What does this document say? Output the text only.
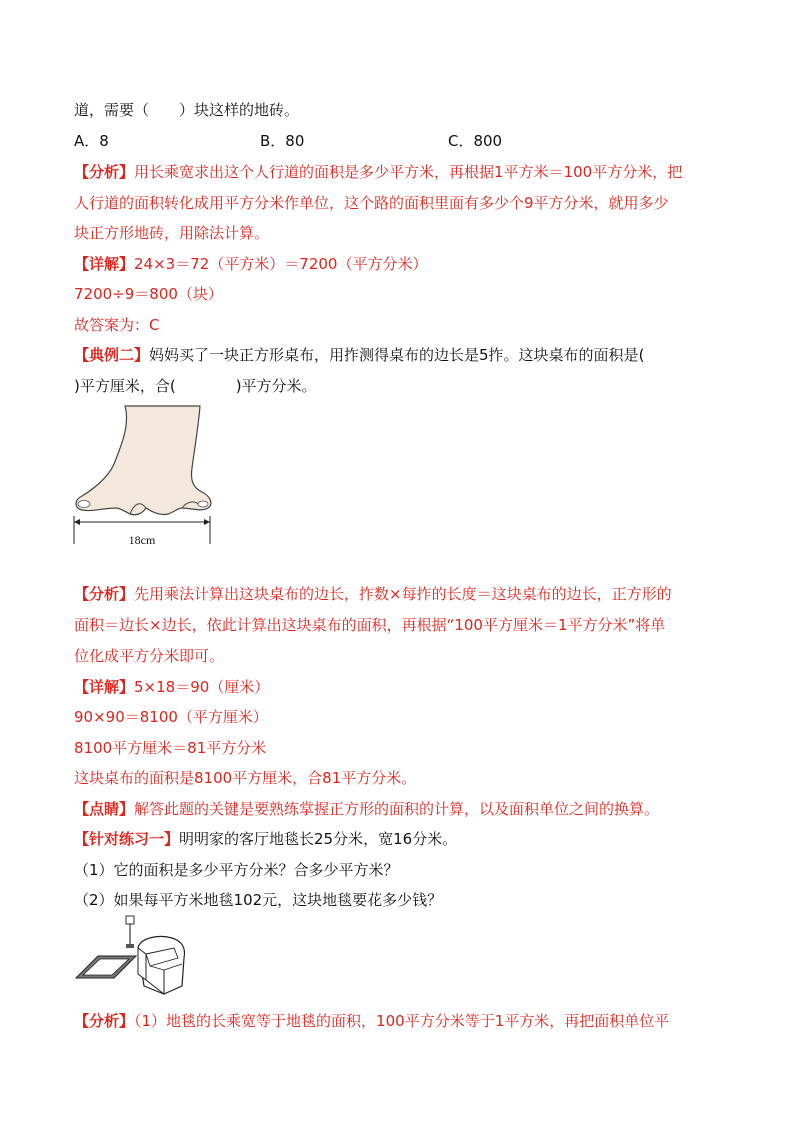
道，需要（　　）块这样的地砖。
A．8	B．80	C．800
【分析】用长乘宽求出这个人行道的面积是多少平方米，再根据1平方米＝100平方分米，把
人行道的面积转化成用平方分米作单位，这个路的面积里面有多少个9平方分米，就用多少
块正方形地砖，用除法计算。
【详解】24×3＝72（平方米）＝7200（平方分米）
7200÷9＝800（块）
故答案为：C
【典例二】妈妈买了一块正方形桌布，用拃测得桌布的边长是5拃。这块桌布的面积是(
)平方厘米，合(　　　　)平方分米。
18cm
【分析】先用乘法计算出这块桌布的边长，拃数×每拃的长度＝这块桌布的边长，正方形的
面积＝边长×边长，依此计算出这块桌布的面积，再根据“100平方厘米＝1平方分米”将单
位化成平方分米即可。
【详解】5×18＝90（厘米）
90×90＝8100（平方厘米）
8100平方厘米＝81平方分米
这块桌布的面积是8100平方厘米，合81平方分米。
【点睛】解答此题的关键是要熟练掌握正方形的面积的计算，以及面积单位之间的换算。
【针对练习一】明明家的客厅地毯长25分米，宽16分米。
（1）它的面积是多少平方分米？合多少平方米？
（2）如果每平方米地毯102元，这块地毯要花多少钱？
【分析】（1）地毯的长乘宽等于地毯的面积，100平方分米等于1平方米，再把面积单位平
